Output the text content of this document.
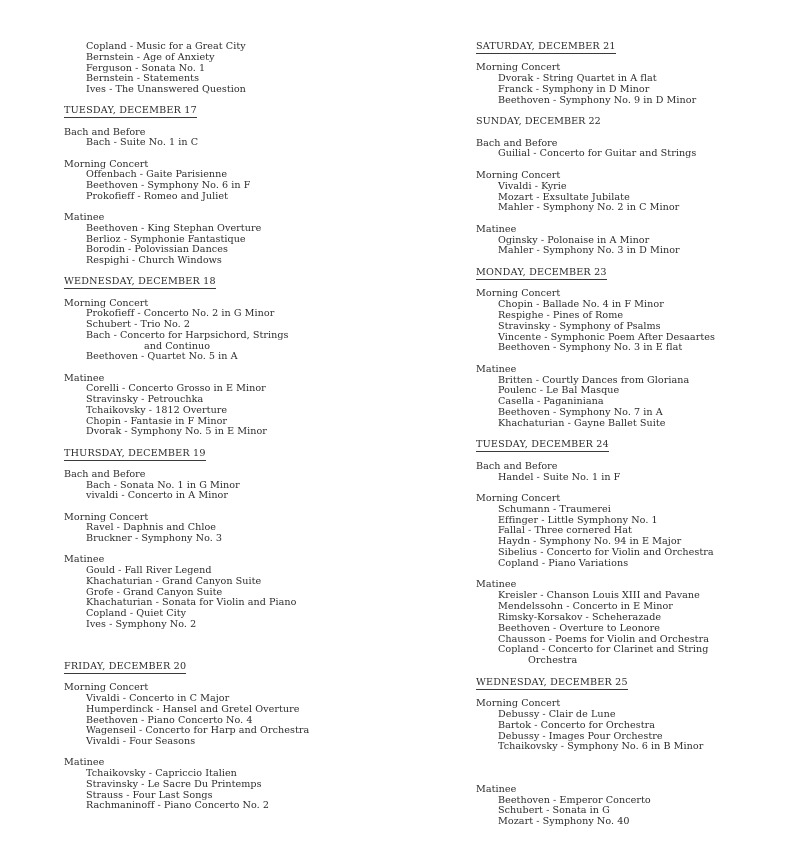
Copland - Music for a Great City
Bernstein - Age of Anxiety
Ferguson - Sonata No. 1
Bernstein - Statements
Ives - The Unanswered Question
TUESDAY, DECEMBER 17
Bach and Before
Bach - Suite No. 1 in C
Morning Concert
Offenbach - Gaite Parisienne
Beethoven - Symphony No. 6 in F
Prokofieff - Romeo and Juliet
Matinee
Beethoven - King Stephan Overture
Berlioz - Symphonie Fantastique
Borodin - Polovissian Dances
Respighi - Church Windows
WEDNESDAY, DECEMBER 18
Morning Concert
Prokofieff - Concerto No. 2 in G Minor
Schubert - Trio No. 2
Bach - Concerto for Harpsichord, Strings
and Continuo
Beethoven - Quartet No. 5 in A
Matinee
Corelli - Concerto Grosso in E Minor
Stravinsky - Petrouchka
Tchaikovsky - 1812 Overture
Chopin - Fantasie in F Minor
Dvorak - Symphony No. 5 in E Minor
THURSDAY, DECEMBER 19
Bach and Before
Bach - Sonata No. 1 in G Minor
vivaldi - Concerto in A Minor
Morning Concert
Ravel - Daphnis and Chloe
Bruckner - Symphony No. 3
Matinee
Gould - Fall River Legend
Khachaturian - Grand Canyon Suite
Grofe - Grand Canyon Suite
Khachaturian - Sonata for Violin and Piano
Copland - Quiet City
Ives - Symphony No. 2
FRIDAY, DECEMBER 20
Morning Concert
Vivaldi - Concerto in C Major
Humperdinck - Hansel and Gretel Overture
Beethoven - Piano Concerto No. 4
Wagenseil - Concerto for Harp and Orchestra
Vivaldi - Four Seasons
Matinee
Tchaikovsky - Capriccio Italien
Stravinsky - Le Sacre Du Printemps
Strauss - Four Last Songs
Rachmaninoff - Piano Concerto No. 2
SATURDAY, DECEMBER 21
Morning Concert
Dvorak - String Quartet in A flat
Franck - Symphony in D Minor
Beethoven - Symphony No. 9 in D Minor
SUNDAY, DECEMBER 22
Bach and Before
Guilial - Concerto for Guitar and Strings
Morning Concert
Vivaldi - Kyrie
Mozart - Exsultate Jubilate
Mahler - Symphony No. 2 in C Minor
Matinee
Oginsky - Polonaise in A Minor
Mahler - Symphony No. 3 in D Minor
MONDAY, DECEMBER 23
Morning Concert
Chopin - Ballade No. 4 in F Minor
Respighe - Pines of Rome
Stravinsky - Symphony of Psalms
Vincente - Symphonic Poem After Desaartes
Beethoven - Symphony No. 3 in E flat
Matinee
Britten - Courtly Dances from Gloriana
Poulenc - Le Bal Masque
Casella - Paganiniana
Beethoven - Symphony No. 7 in A
Khachaturian - Gayne Ballet Suite
TUESDAY, DECEMBER 24
Bach and Before
Handel - Suite No. 1 in F
Morning Concert
Schumann - Traumerei
Effinger - Little Symphony No. 1
Fallal - Three cornered Hat
Haydn - Symphony No. 94 in E Major
Sibelius - Concerto for Violin and Orchestra
Copland - Piano Variations
Matinee
Kreisler - Chanson Louis XIII and Pavane
Mendelssohn - Concerto in E Minor
Rimsky-Korsakov - Scheherazade
Beethoven - Overture to Leonore
Chausson - Poems for Violin and Orchestra
Copland - Concerto for Clarinet and String
Orchestra
WEDNESDAY, DECEMBER 25
Morning Concert
Debussy - Clair de Lune
Bartok - Concerto for Orchestra
Debussy - Images Pour Orchestre
Tchaikovsky - Symphony No. 6 in B Minor
Matinee
Beethoven - Emperor Concerto
Schubert - Sonata in G
Mozart - Symphony No. 40
